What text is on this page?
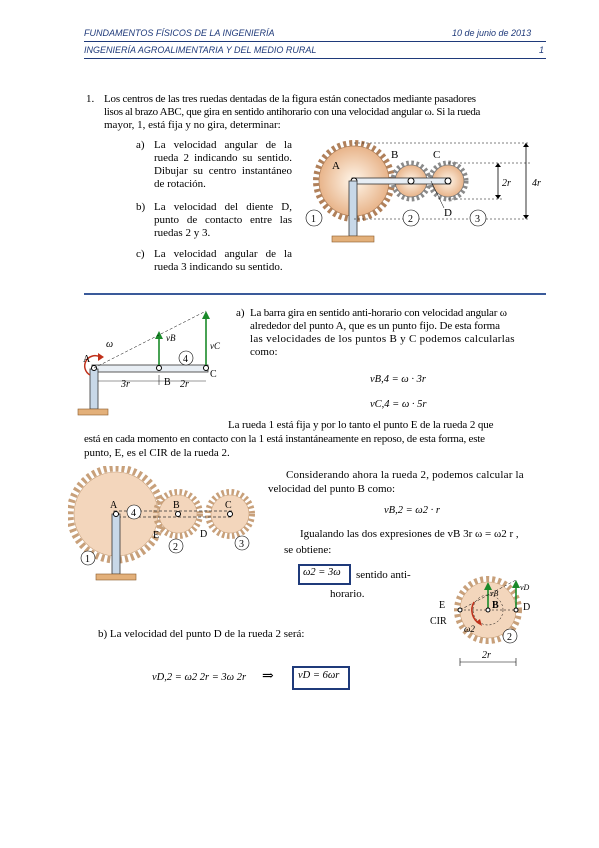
FUNDAMENTOS FÍSICOS DE LA INGENIERÍA	10 de junio de 2013
INGENIERÍA AGROALIMENTARIA Y DEL MEDIO RURAL	1
1. Los centros de las tres ruedas dentadas de la figura están conectados mediante pasadores
lisos al brazo ABC, que gira en sentido antihorario con una velocidad angular ω. Si la rueda
mayor, 1, está fija y no gira, determinar:
a) La velocidad angular de la rueda 2 indicando su sentido. Dibujar su centro instantáneo de rotación.
b) La velocidad del diente D, punto de contacto entre las ruedas 2 y 3.
c) La velocidad angular de la rueda 3 indicando su sentido.
A
B	C
D
1	2	3
2r 4r
a) La barra gira en sentido anti-horario con velocidad angular ω
alrededor del punto A, que es un punto fijo. De esta forma
las velocidades de los puntos B y C podemos calcularlas
como:
vB,4 = ω · 3r
vC,4 = ω · 5r
ω
A
vB
vC
4
C
B
3r	2r
La rueda 1 está fija y por lo tanto el punto E de la rueda 2 que
está en cada momento en contacto con la 1 está instantáneamente en reposo, de esta forma, este
punto, E, es el CIR de la rueda 2.
A	B	C
D
E
4
1
2	3
Considerando ahora la rueda 2, podemos calcular la
velocidad del punto B como:
vB,2 = ω2 · r
Igualando las dos expresiones de vB 3r ω = ω2 r ,
se obtiene:
ω2 = 3ω sentido anti-
horario.
2
E
CIR
B D
vB
vD
ω2
2r
b) La velocidad del punto D de la rueda 2 será:
vD,2 = ω2 2r = 3ω 2r ⇒ vD = 6ωr
